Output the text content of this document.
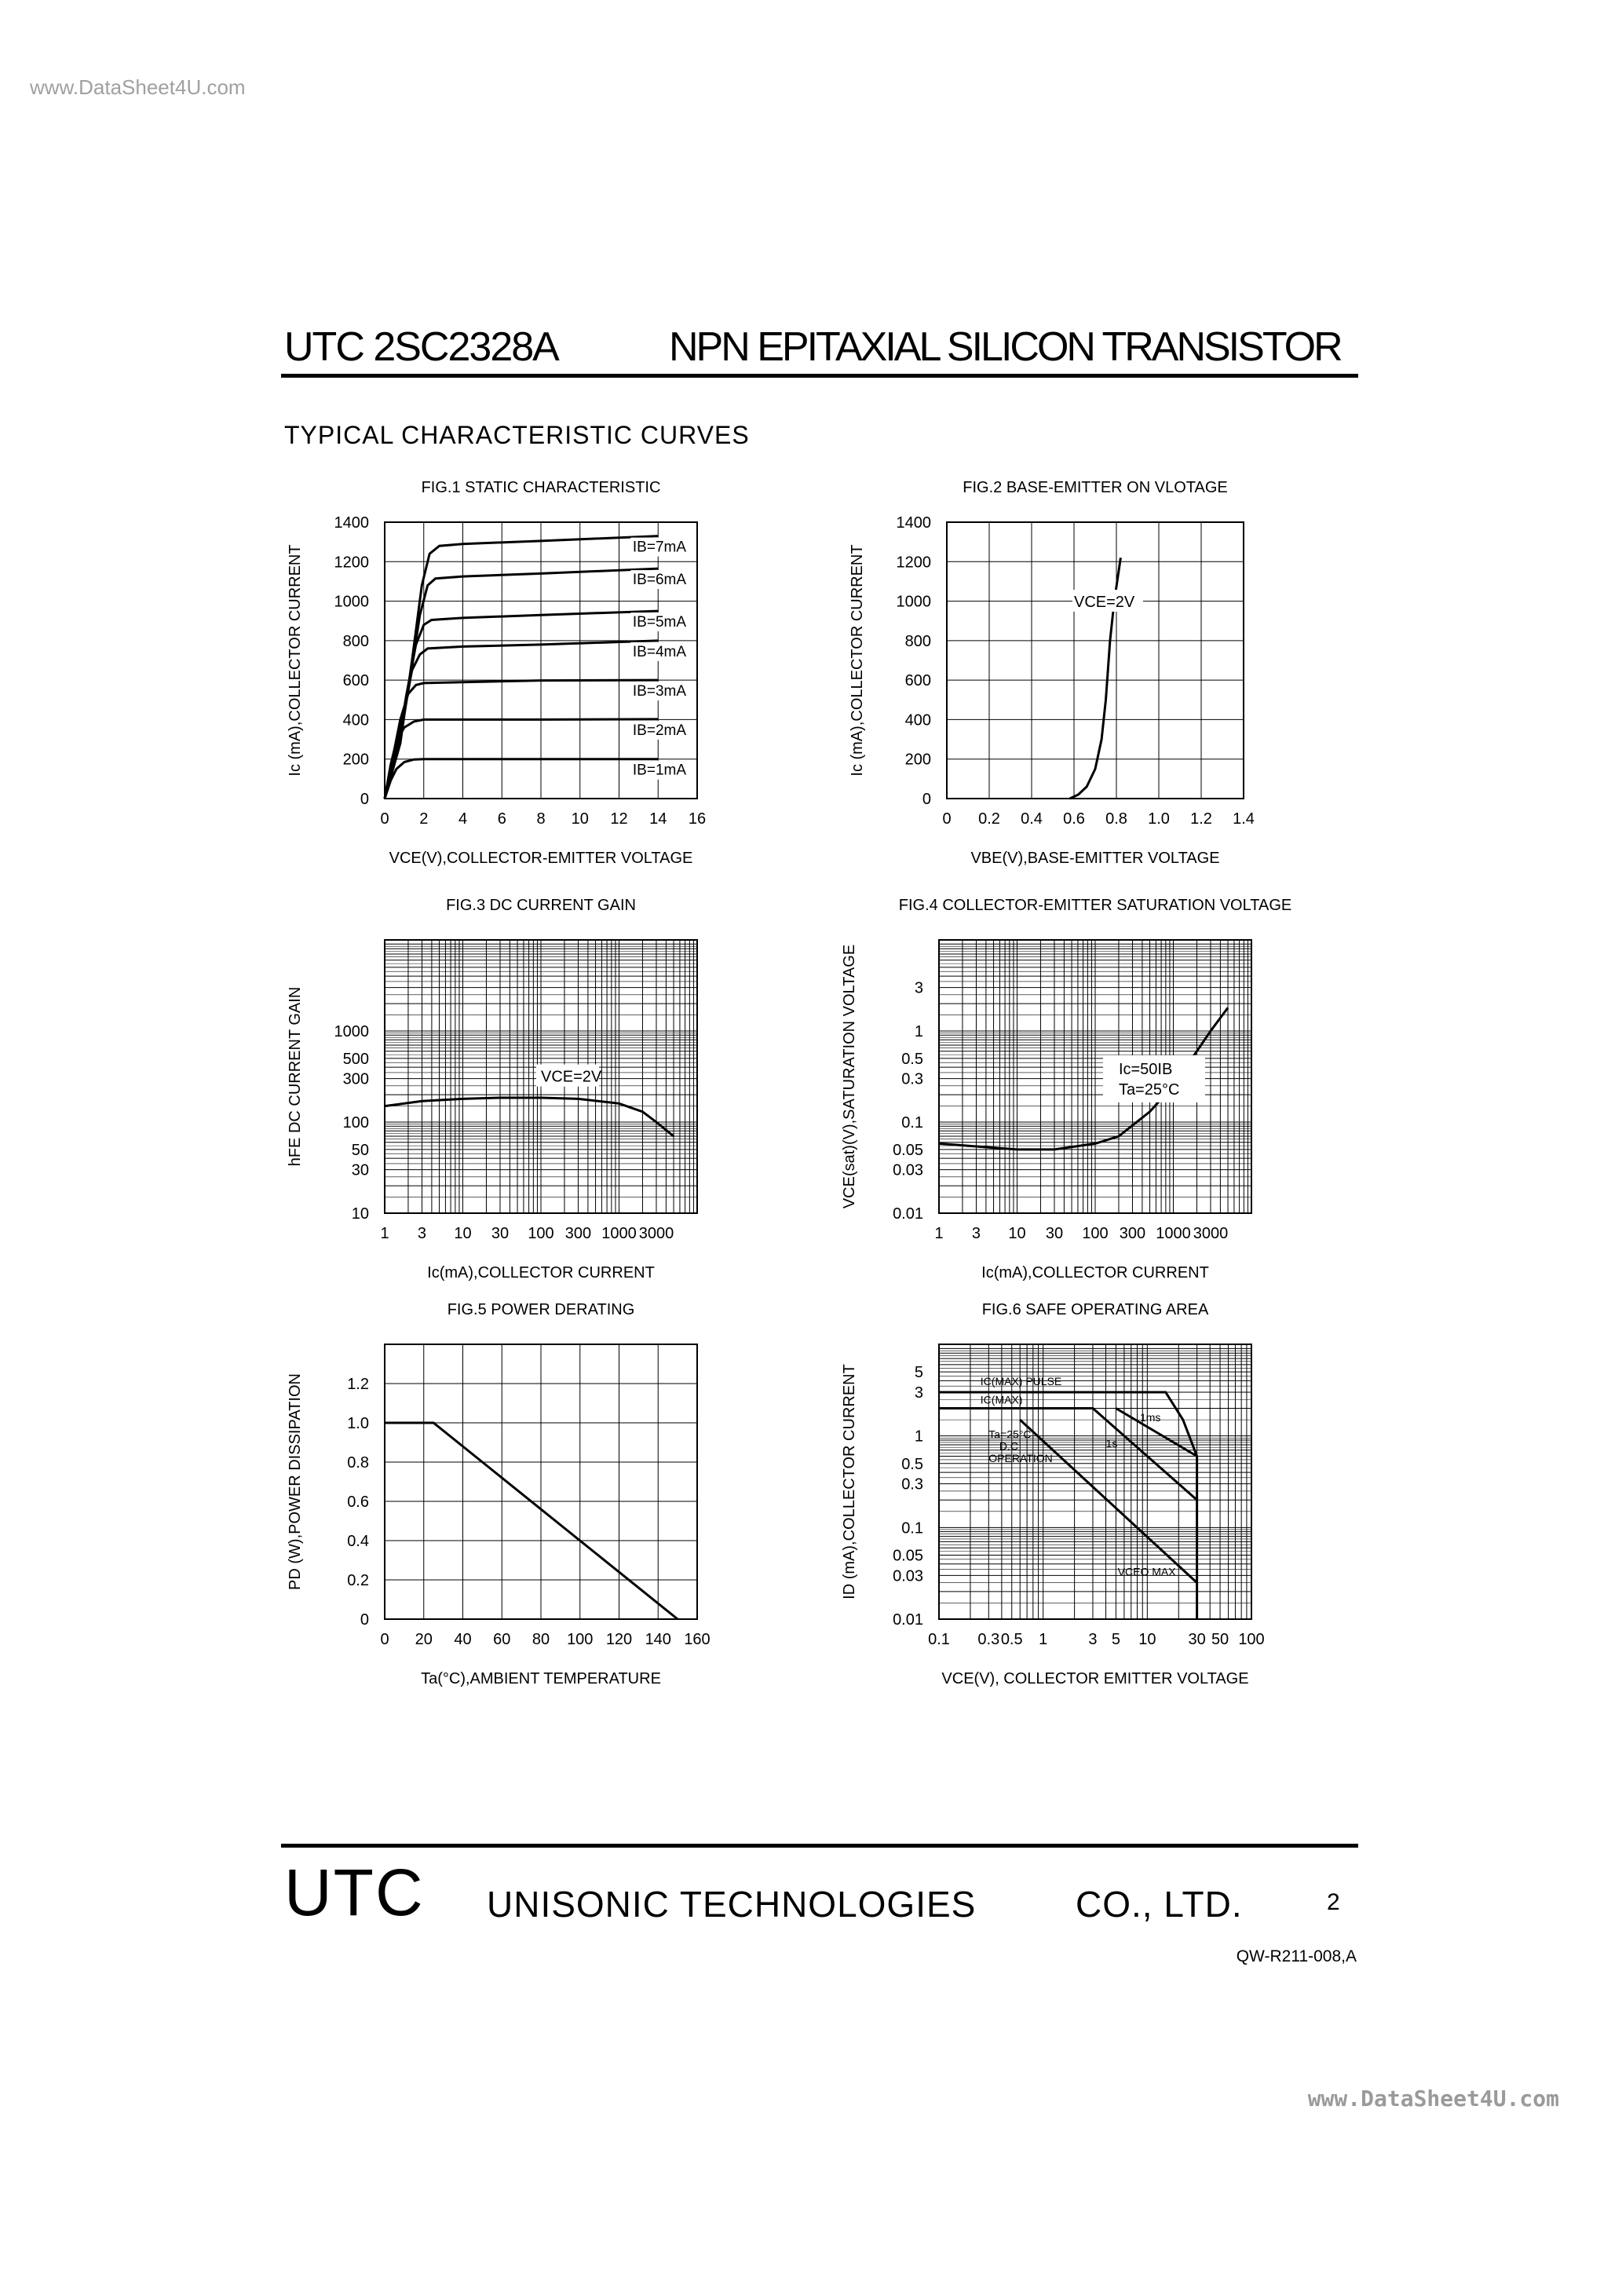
www.DataSheet4U.com
UTC 2SC2328A	NPN EPITAXIAL SILICON TRANSISTOR
TYPICAL CHARACTERISTIC CURVES
FIG.1 STATIC CHARACTERISTIC
0 2 4 6 8 10 12 14 16
0
200
400
600
800
1000
1200
1400
VCE(V),COLLECTOR-EMITTER VOLTAGE
Ic (mA),COLLECTOR CURRENT	IB=1mA
IB=2mA
IB=3mA
IB=4mA
IB=5mA
IB=6mA
IB=7mA
FIG.2 BASE-EMITTER ON VLOTAGE
0 0.2 0.4 0.6 0.8 1.0 1.2 1.4
0
200
400
600
800
1000
1200
1400
VBE(V),BASE-EMITTER VOLTAGE
Ic (mA),COLLECTOR CURRENT	VCE=2V
FIG.3 DC CURRENT GAIN
1 3 10 30 100 300 1000 3000
10
30
50
100
300
500
1000
Ic(mA),COLLECTOR CURRENT
hFE DC CURRENT GAIN	VCE=2V
FIG.4 COLLECTOR-EMITTER SATURATION VOLTAGE
1 3 10 30 100 300 1000 3000
0.01
0.03
0.05
0.1
0.3
0.5
1
3
Ic(mA),COLLECTOR CURRENT
VCE(sat)(V),SATURATION VOLTAGE	Ic=50IB
Ta=25°C
FIG.5 POWER DERATING
0 20 40 60 80 100 120 140 160
0
0.2
0.4
0.6
0.8
1.0
1.2
Ta(°C),AMBIENT TEMPERATURE
PD (W),POWER DISSIPATION
FIG.6 SAFE OPERATING AREA
0.1 0.3 0.5 1	3 5 10 30 50 100
0.01
0.03
0.05
0.1
0.3
0.5
1
3
5
VCE(V), COLLECTOR EMITTER VOLTAGE
ID (mA),COLLECTOR CURRENT	IC(MAX) PULSE
IC(MAX)
1ms
1s
Ta=25°C
D.C
OPERATION
VCEO MAX
UTC UNISONIC TECHNOLOGIES	CO., LTD.	2
QW-R211-008,A
www.DataSheet4U.com
